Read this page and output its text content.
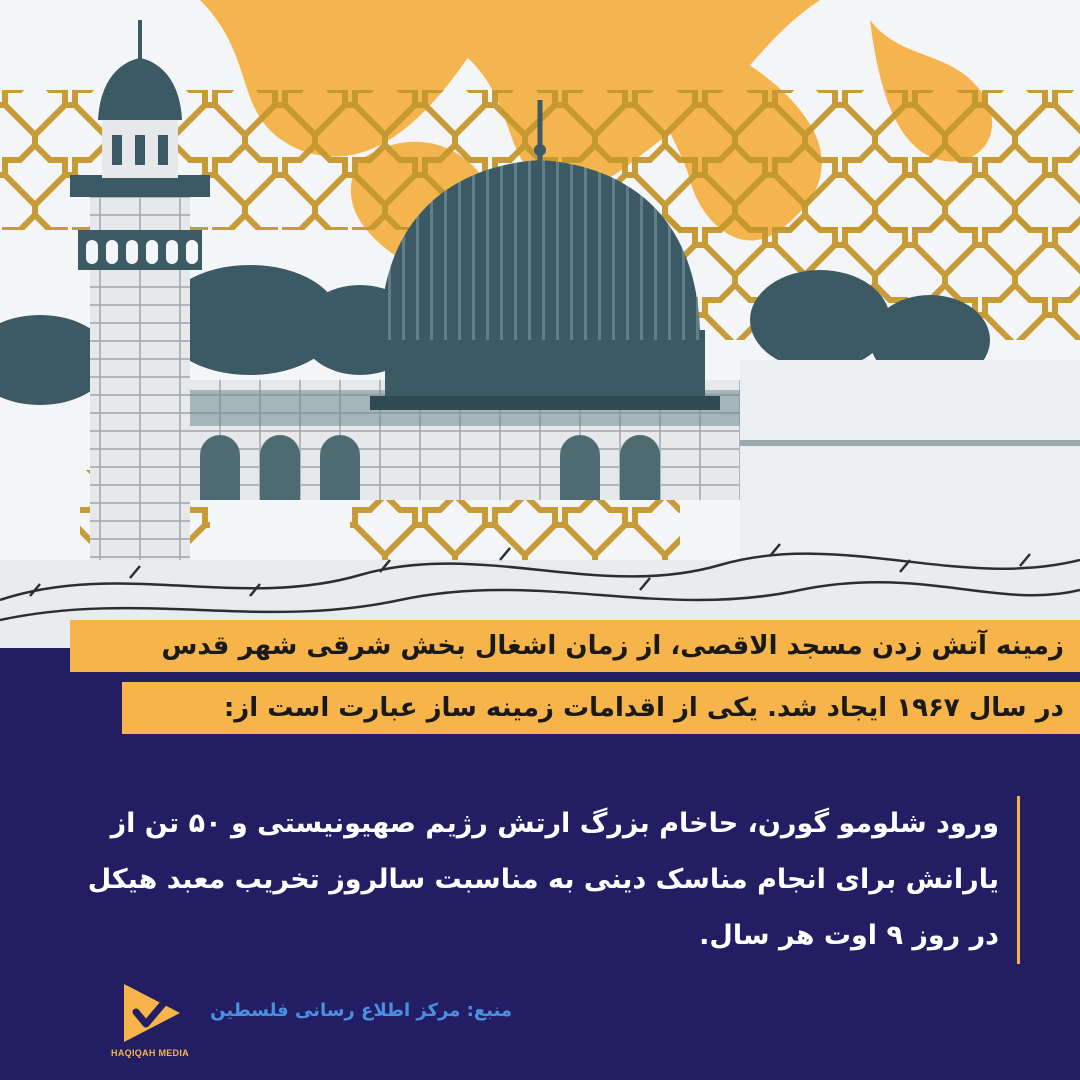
زمینه آتش زدن مسجد الاقصی، از زمان اشغال بخش شرقی شهر قدس
در سال ۱۹۶۷ ایجاد شد. یکی از اقدامات زمینه ساز عبارت است از:

ورود شلومو گورن، حاخام بزرگ ارتش رژیم صهیونیستی و ۵۰ تن از یارانش برای انجام مناسک دینی به مناسبت سالروز تخریب معبد هیکل در روز ۹ اوت هر سال.

منبع: مرکز اطلاع رسانی فلسطین
HAQIQAH MEDIA
